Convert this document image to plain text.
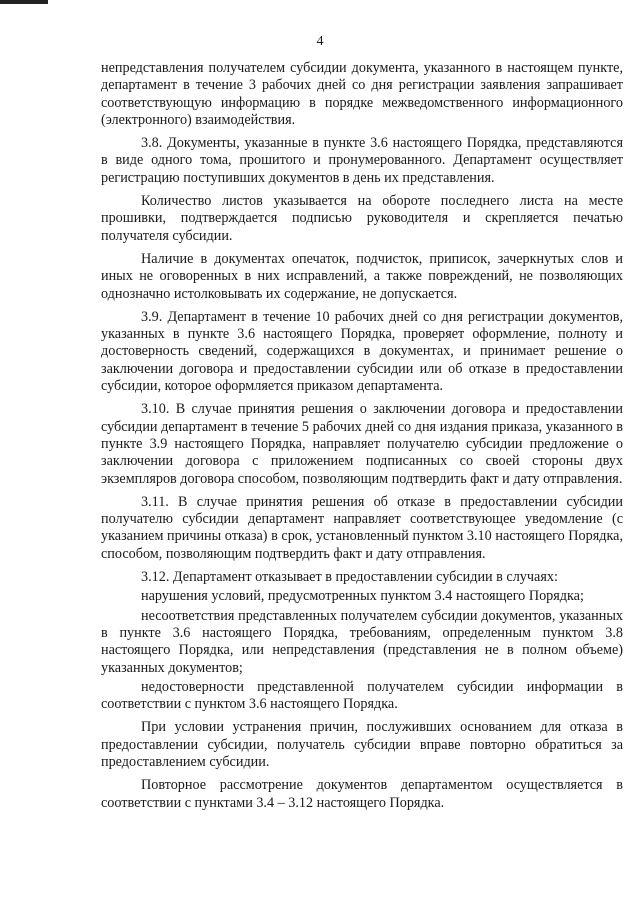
4

непредставления получателем субсидии документа, указанного в настоящем пункте, департамент в течение 3 рабочих дней со дня регистрации заявления запрашивает соответствующую информацию в порядке межведомственного информационного (электронного) взаимодействия.

3.8. Документы, указанные в пункте 3.6 настоящего Порядка, представляются в виде одного тома, прошитого и пронумерованного. Департамент осуществляет регистрацию поступивших документов в день их представления.

Количество листов указывается на обороте последнего листа на месте прошивки, подтверждается подписью руководителя и скрепляется печатью получателя субсидии.

Наличие в документах опечаток, подчисток, приписок, зачеркнутых слов и иных не оговоренных в них исправлений, а также повреждений, не позволяющих однозначно истолковывать их содержание, не допускается.

3.9. Департамент в течение 10 рабочих дней со дня регистрации документов, указанных в пункте 3.6 настоящего Порядка, проверяет оформление, полноту и достоверность сведений, содержащихся в документах, и принимает решение о заключении договора и предоставлении субсидии или об отказе в предоставлении субсидии, которое оформляется приказом департамента.

3.10. В случае принятия решения о заключении договора и предоставлении субсидии департамент в течение 5 рабочих дней со дня издания приказа, указанного в пункте 3.9 настоящего Порядка, направляет получателю субсидии предложение о заключении договора с приложением подписанных со своей стороны двух экземпляров договора способом, позволяющим подтвердить факт и дату отправления.

3.11. В случае принятия решения об отказе в предоставлении субсидии получателю субсидии департамент направляет соответствующее уведомление (с указанием причины отказа) в срок, установленный пунктом 3.10 настоящего Порядка, способом, позволяющим подтвердить факт и дату отправления.

3.12. Департамент отказывает в предоставлении субсидии в случаях:

нарушения условий, предусмотренных пунктом 3.4 настоящего Порядка;

несоответствия представленных получателем субсидии документов, указанных в пункте 3.6 настоящего Порядка, требованиям, определенным пунктом 3.8 настоящего Порядка, или непредставления (представления не в полном объеме) указанных документов;

недостоверности представленной получателем субсидии информации в соответствии с пунктом 3.6 настоящего Порядка.

При условии устранения причин, послуживших основанием для отказа в предоставлении субсидии, получатель субсидии вправе повторно обратиться за предоставлением субсидии.

Повторное рассмотрение документов департаментом осуществляется в соответствии с пунктами 3.4 – 3.12 настоящего Порядка.
